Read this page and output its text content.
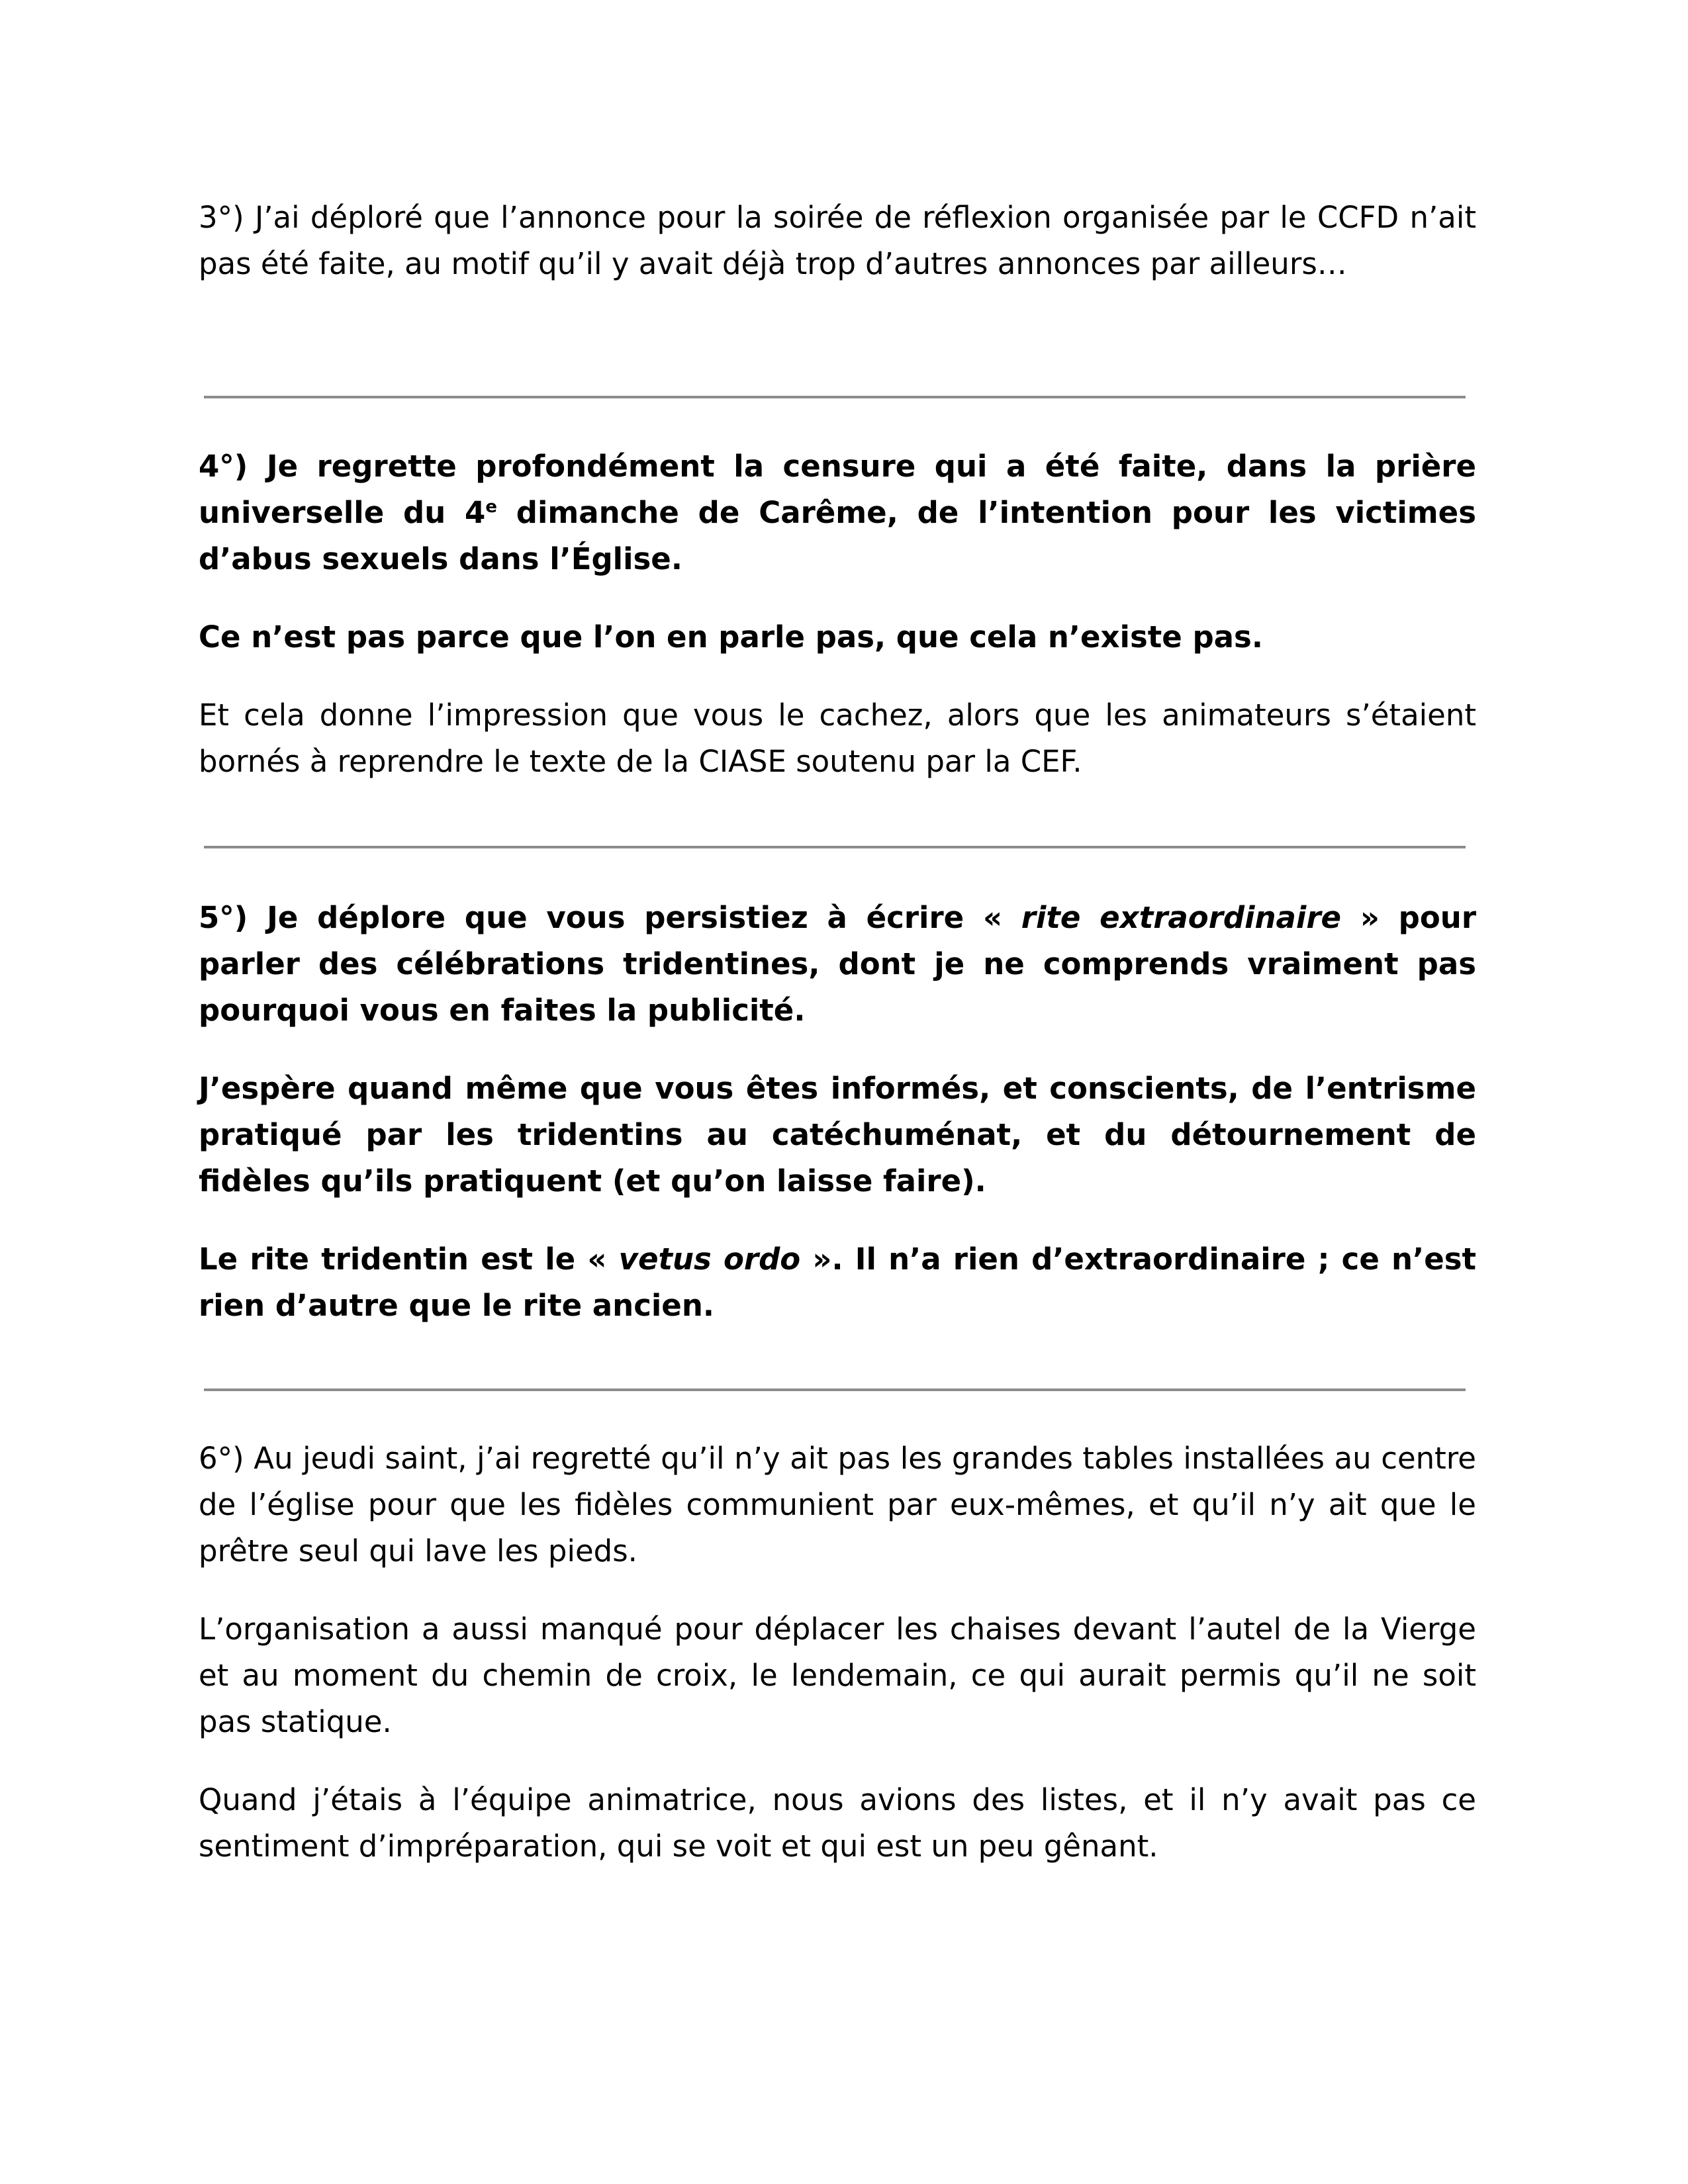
3°) J’ai déploré que l’annonce pour la soirée de réflexion organisée par le CCFD n’ait pas été faite, au motif qu’il y avait déjà trop d’autres annonces par ailleurs…

4°) Je regrette profondément la censure qui a été faite, dans la prière universelle du 4e dimanche de Carême, de l’intention pour les victimes d’abus sexuels dans l’Église.

Ce n’est pas parce que l’on en parle pas, que cela n’existe pas.

Et cela donne l’impression que vous le cachez, alors que les animateurs s’étaient bornés à reprendre le texte de la CIASE soutenu par la CEF.

5°) Je déplore que vous persistiez à écrire « rite extraordinaire » pour parler des célébrations tridentines, dont je ne comprends vraiment pas pourquoi vous en faites la publicité.

J’espère quand même que vous êtes informés, et conscients, de l’entrisme pratiqué par les tridentins au catéchuménat, et du détournement de fidèles qu’ils pratiquent (et qu’on laisse faire).

Le rite tridentin est le « vetus ordo ». Il n’a rien d’extraordinaire ; ce n’est rien d’autre que le rite ancien.

6°) Au jeudi saint, j’ai regretté qu’il n’y ait pas les grandes tables installées au centre de l’église pour que les fidèles communient par eux-mêmes, et qu’il n’y ait que le prêtre seul qui lave les pieds.

L’organisation a aussi manqué pour déplacer les chaises devant l’autel de la Vierge et au moment du chemin de croix, le lendemain, ce qui aurait permis qu’il ne soit pas statique.

Quand j’étais à l’équipe animatrice, nous avions des listes, et il n’y avait pas ce sentiment d’impréparation, qui se voit et qui est un peu gênant.
